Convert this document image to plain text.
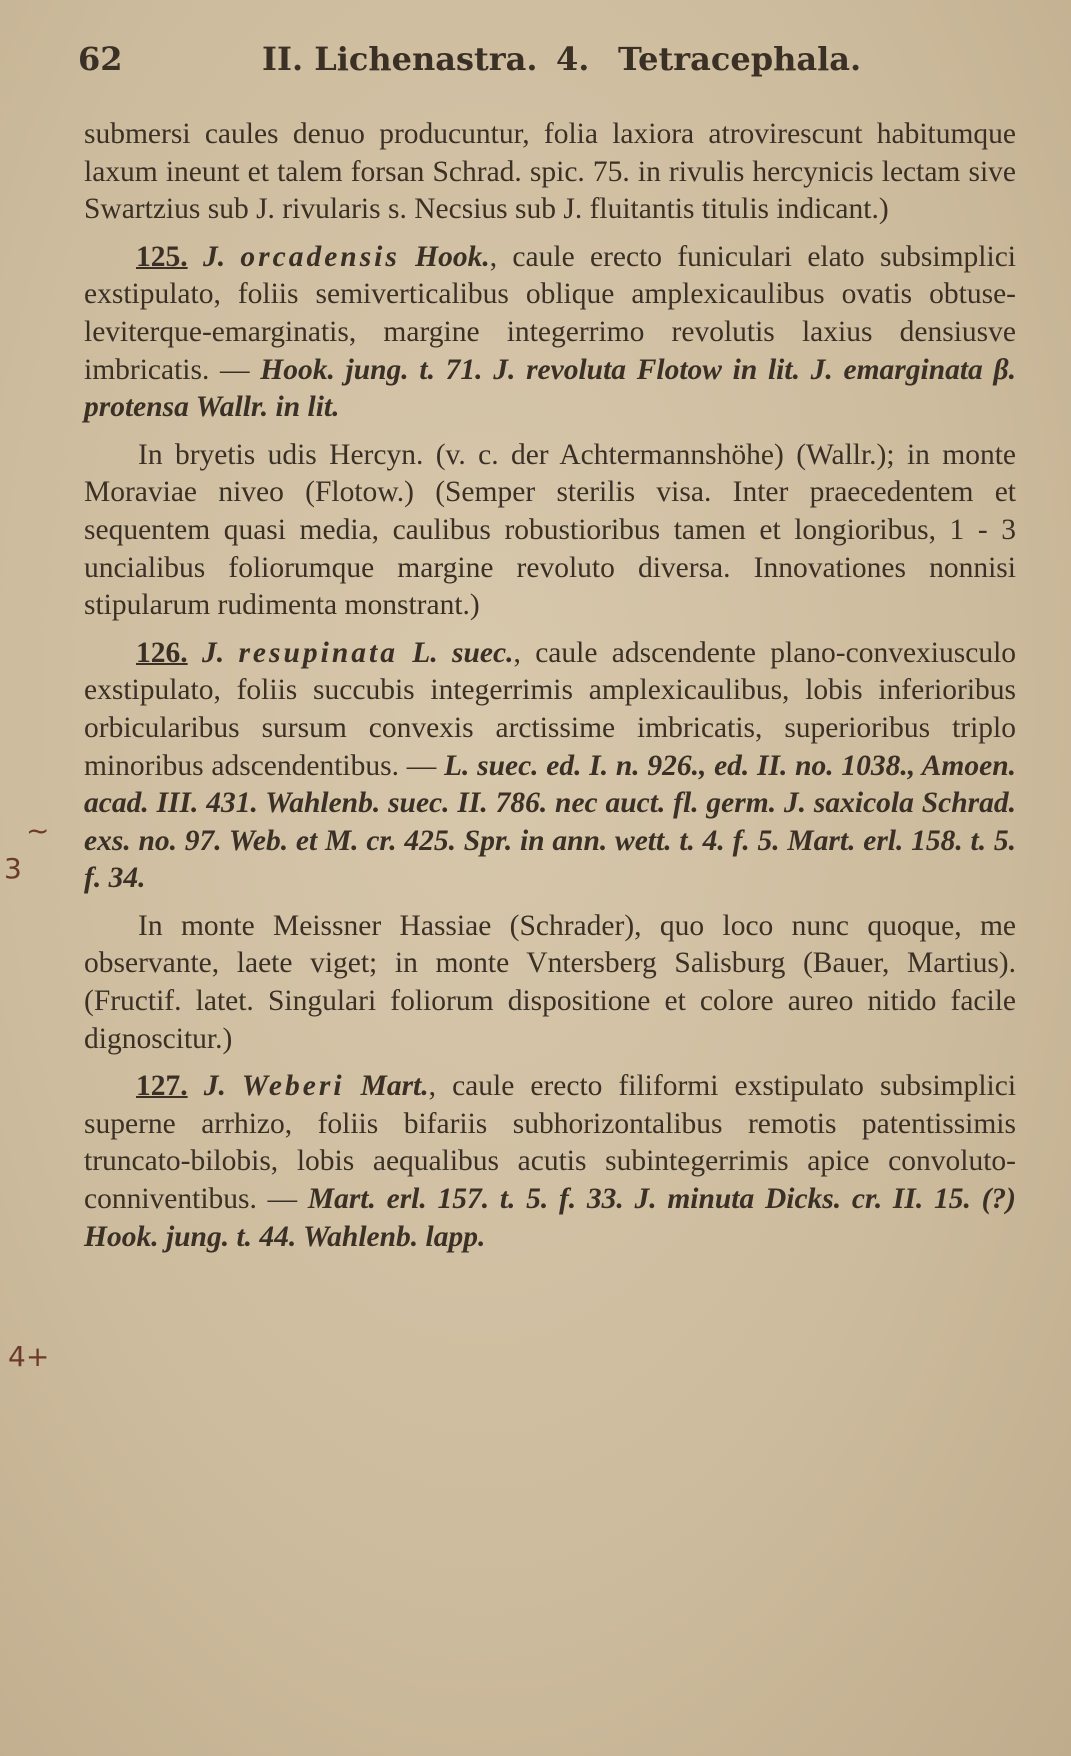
62	II. Lichenastra. 4. Tetracephala.
~
3
4+

submersi caules denuo producuntur, folia laxiora atrovirescunt habitumque laxum ineunt et talem forsan Schrad. spic. 75. in rivulis hercynicis lectam sive Swartzius sub J. rivularis s. Necsius sub J. fluitantis titulis indicant.)

125. J. orcadensis Hook., caule erecto funiculari elato subsimplici exstipulato, foliis semiverticalibus oblique amplexicaulibus ovatis obtuse-leviterque-emarginatis, margine integerrimo revolutis laxius densiusve imbricatis. — Hook. jung. t. 71. J. revoluta Flotow in lit. J. emarginata β. protensa Wallr. in lit.

In bryetis udis Hercyn. (v. c. der Achtermannshöhe) (Wallr.); in monte Moraviae niveo (Flotow.) (Semper sterilis visa. Inter praecedentem et sequentem quasi media, caulibus robustioribus tamen et longioribus, 1 - 3 uncialibus foliorumque margine revoluto diversa. Innovationes nonnisi stipularum rudimenta monstrant.)

126. J. resupinata L. suec., caule adscendente plano-convexiusculo exstipulato, foliis succubis integerrimis amplexicaulibus, lobis inferioribus orbicularibus sursum convexis arctissime imbricatis, superioribus triplo minoribus adscendentibus. — L. suec. ed. I. n. 926., ed. II. no. 1038., Amoen. acad. III. 431. Wahlenb. suec. II. 786. nec auct. fl. germ. J. saxicola Schrad. exs. no. 97. Web. et M. cr. 425. Spr. in ann. wett. t. 4. f. 5. Mart. erl. 158. t. 5. f. 34.

In monte Meissner Hassiae (Schrader), quo loco nunc quoque, me observante, laete viget; in monte Vntersberg Salisburg (Bauer, Martius). (Fructif. latet. Singulari foliorum dispositione et colore aureo nitido facile dignoscitur.)

127. J. Weberi Mart., caule erecto filiformi exstipulato subsimplici superne arrhizo, foliis bifariis subhorizontalibus remotis patentissimis truncato-bilobis, lobis aequalibus acutis subintegerrimis apice convoluto-conniventibus. — Mart. erl. 157. t. 5. f. 33. J. minuta Dicks. cr. II. 15. (?) Hook. jung. t. 44. Wahlenb. lapp.
